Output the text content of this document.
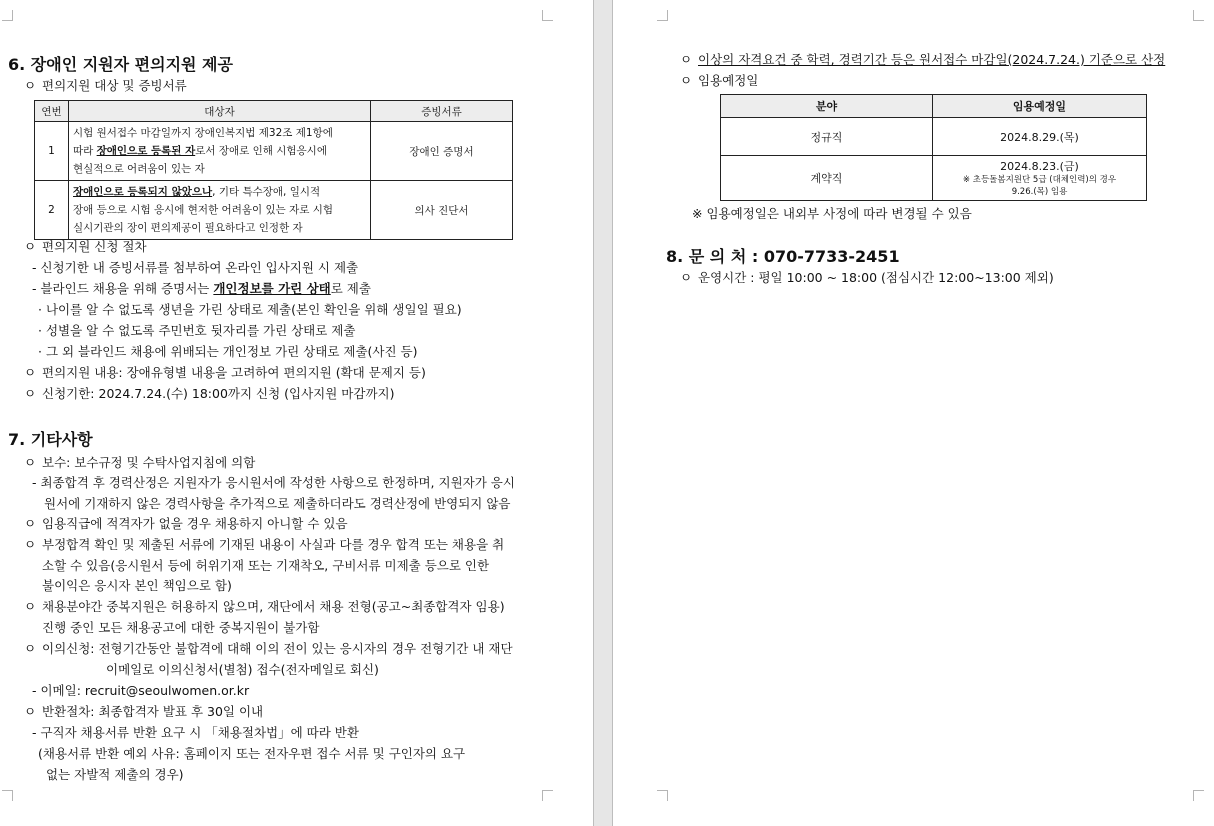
6. 장애인 지원자 편의지원 제공
ㅇ 편의지원 대상 및 증빙서류
연번	대상자	증빙서류
1	시험 원서접수 마감일까지 장애인복지법 제32조 제1항에
따라 장애인으로 등록된 자로서 장애로 인해 시험응시에
현실적으로 어려움이 있는 자	장애인 증명서
2	장애인으로 등록되지 않았으나, 기타 특수장애, 일시적
장애 등으로 시험 응시에 현저한 어려움이 있는 자로 시험
실시기관의 장이 편의제공이 필요하다고 인정한 자	의사 진단서
ㅇ 편의지원 신청 절차
- 신청기한 내 증빙서류를 첨부하여 온라인 입사지원 시 제출
- 블라인드 채용을 위해 증명서는 개인정보를 가린 상태로 제출
· 나이를 알 수 없도록 생년을 가린 상태로 제출(본인 확인을 위해 생일일 필요)
· 성별을 알 수 없도록 주민번호 뒷자리를 가린 상태로 제출
· 그 외 블라인드 채용에 위배되는 개인정보 가린 상태로 제출(사진 등)
ㅇ 편의지원 내용: 장애유형별 내용을 고려하여 편의지원 (확대 문제지 등)
ㅇ 신청기한: 2024.7.24.(수) 18:00까지 신청 (입사지원 마감까지)
7. 기타사항
ㅇ 보수: 보수규정 및 수탁사업지침에 의함
- 최종합격 후 경력산정은 지원자가 응시원서에 작성한 사항으로 한정하며, 지원자가 응시
원서에 기재하지 않은 경력사항을 추가적으로 제출하더라도 경력산정에 반영되지 않음
ㅇ 임용직급에 적격자가 없을 경우 채용하지 아니할 수 있음
ㅇ 부정합격 확인 및 제출된 서류에 기재된 내용이 사실과 다를 경우 합격 또는 채용을 취
소할 수 있음(응시원서 등에 허위기재 또는 기재착오, 구비서류 미제출 등으로 인한
불이익은 응시자 본인 책임으로 함)
ㅇ 채용분야간 중복지원은 허용하지 않으며, 재단에서 채용 전형(공고~최종합격자 임용)
진행 중인 모든 채용공고에 대한 중복지원이 불가함
ㅇ 이의신청: 전형기간동안 불합격에 대해 이의 전이 있는 응시자의 경우 전형기간 내 재단
이메일로 이의신청서(별첨) 접수(전자메일로 회신)
- 이메일: recruit@seoulwomen.or.kr
ㅇ 반환절차: 최종합격자 발표 후 30일 이내
- 구직자 채용서류 반환 요구 시 「채용절차법」에 따라 반환
(채용서류 반환 예외 사유: 홈페이지 또는 전자우편 접수 서류 및 구인자의 요구
없는 자발적 제출의 경우)
ㅇ 이상의 자격요건 중 학력, 경력기간 등은 원서접수 마감일(2024.7.24.) 기준으로 산정
ㅇ 임용예정일
분야	임용예정일
정규직	2024.8.29.(목)
계약직	2024.8.23.(금)
※ 초등돌봄지원단 5급 (대체인력)의 경우
9.26.(목) 임용
※ 임용예정일은 내외부 사정에 따라 변경될 수 있음
8. 문 의 처 : 070-7733-2451
ㅇ 운영시간 : 평일 10:00 ~ 18:00 (점심시간 12:00~13:00 제외)
